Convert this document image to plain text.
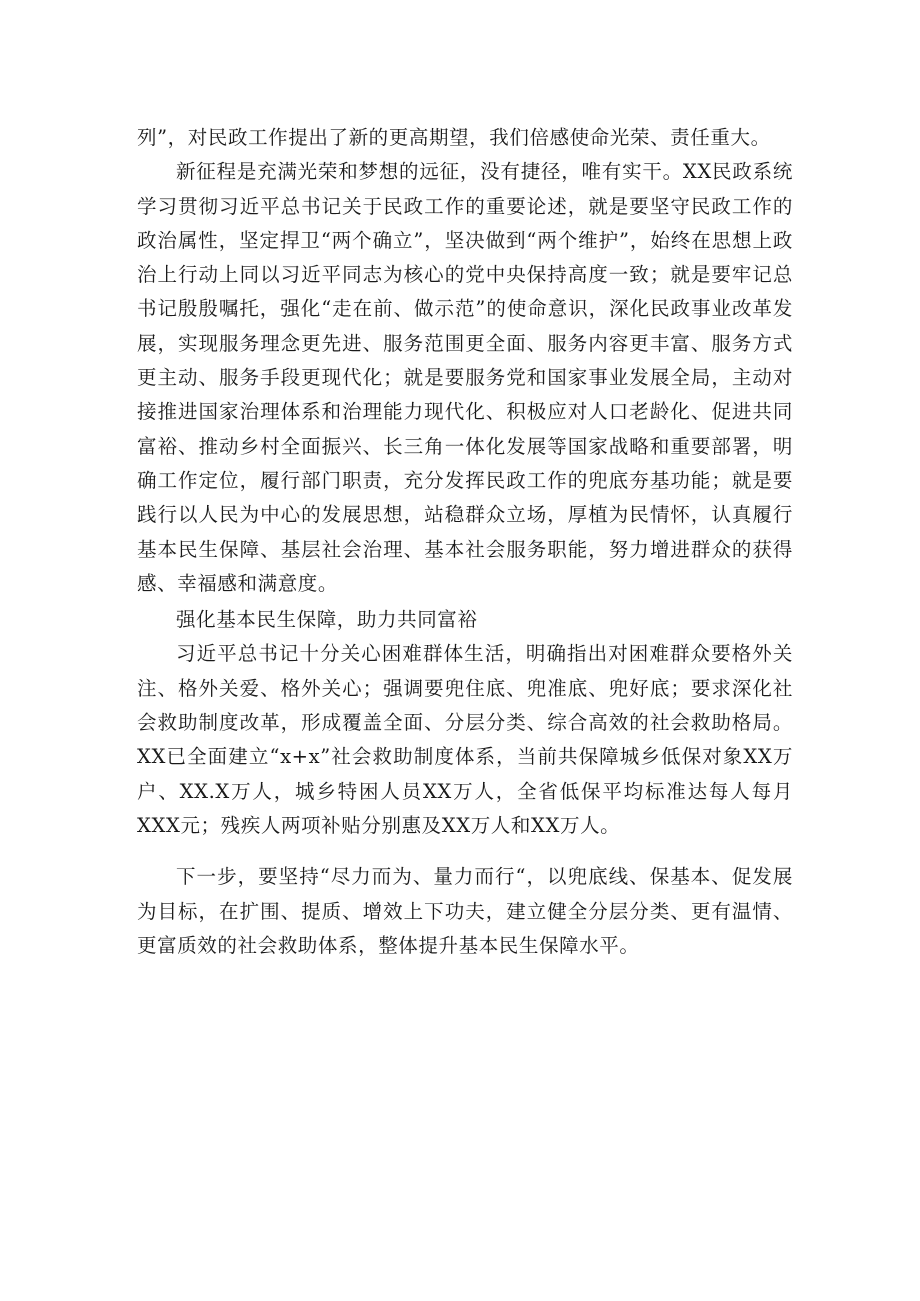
列”，对民政工作提出了新的更高期望，我们倍感使命光荣、责任重大。

新征程是充满光荣和梦想的远征，没有捷径，唯有实干。XX民政系统学习贯彻习近平总书记关于民政工作的重要论述，就是要坚守民政工作的政治属性，坚定捍卫“两个确立”，坚决做到“两个维护”，始终在思想上政治上行动上同以习近平同志为核心的党中央保持高度一致；就是要牢记总书记殷殷嘱托，强化“走在前、做示范”的使命意识，深化民政事业改革发展，实现服务理念更先进、服务范围更全面、服务内容更丰富、服务方式更主动、服务手段更现代化；就是要服务党和国家事业发展全局，主动对接推进国家治理体系和治理能力现代化、积极应对人口老龄化、促进共同富裕、推动乡村全面振兴、长三角一体化发展等国家战略和重要部署，明确工作定位，履行部门职责，充分发挥民政工作的兜底夯基功能；就是要践行以人民为中心的发展思想，站稳群众立场，厚植为民情怀，认真履行基本民生保障、基层社会治理、基本社会服务职能，努力增进群众的获得感、幸福感和满意度。

强化基本民生保障，助力共同富裕

习近平总书记十分关心困难群体生活，明确指出对困难群众要格外关注、格外关爱、格外关心；强调要兜住底、兜准底、兜好底；要求深化社会救助制度改革，形成覆盖全面、分层分类、综合高效的社会救助格局。XX已全面建立“x+x”社会救助制度体系，当前共保障城乡低保对象XX万户、XX.X万人，城乡特困人员XX万人，全省低保平均标准达每人每月XXX元；残疾人两项补贴分别惠及XX万人和XX万人。

下一步，要坚持“尽力而为、量力而行“，以兜底线、保基本、促发展为目标，在扩围、提质、增效上下功夫，建立健全分层分类、更有温情、更富质效的社会救助体系，整体提升基本民生保障水平。
